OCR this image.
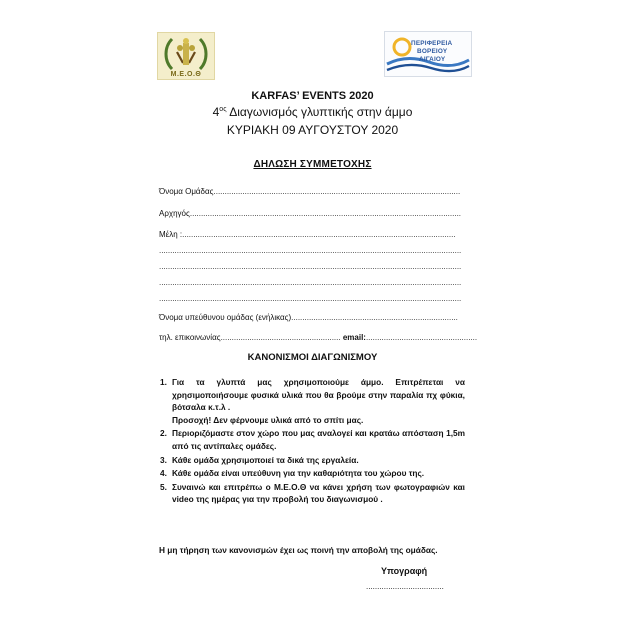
Μ.Ε.Ο.Θ
ΠΕΡΙΦΕΡΕΙΑ
ΒΟΡΕΙΟΥ
ΑΙΓΑΙΟΥ
KARFAS’ EVENTS 2020
$4^{o\varsigma}$ Διαγωνισμός γλυπτικής στην άμμο
ΚΥΡΙΑΚΗ 09 ΑΥΓΟΥΣΤΟΥ 2020
ΔΗΛΩΣΗ ΣΥΜΜΕΤΟΧΗΣ
Όνομα Ομάδας...............................................................................................................
Αρχηγός..........................................................................................................................
Μέλη :...........................................................................................................................
........................................................................................................................................
........................................................................................................................................
........................................................................................................................................
........................................................................................................................................
Όνομα υπεύθυνου ομάδας (ενήλικας)...........................................................................
τηλ. επικοινωνίας...................................................... email:..................................................
ΚΑΝΟΝΙΣΜΟΙ ΔΙΑΓΩΝΙΣΜΟΥ
1. Για τα γλυπτά μας χρησιμοποιούμε άμμο. Επιτρέπεται να χρησιμοποιήσουμε φυσικά υλικά που θα βρούμε στην παραλία πχ φύκια, βότσαλα κ.τ.λ .
Προσοχή! Δεν φέρνουμε υλικά από το σπίτι μας.
2. Περιοριζόμαστε στον χώρο που μας αναλογεί και κρατάω απόσταση 1,5m από τις αντίπαλες ομάδες.
3. Κάθε ομάδα χρησιμοποιεί τα δικά της εργαλεία.
4. Κάθε ομάδα είναι υπεύθυνη για την καθαριότητα του χώρου της.
5. Συναινώ και επιτρέπω ο Μ.Ε.Ο.Θ να κάνει χρήση των φωτογραφιών και video της ημέρας για την προβολή του διαγωνισμού .
Η μη τήρηση των κανονισμών έχει ως ποινή την αποβολή της ομάδας.
Υπογραφή
...................................
